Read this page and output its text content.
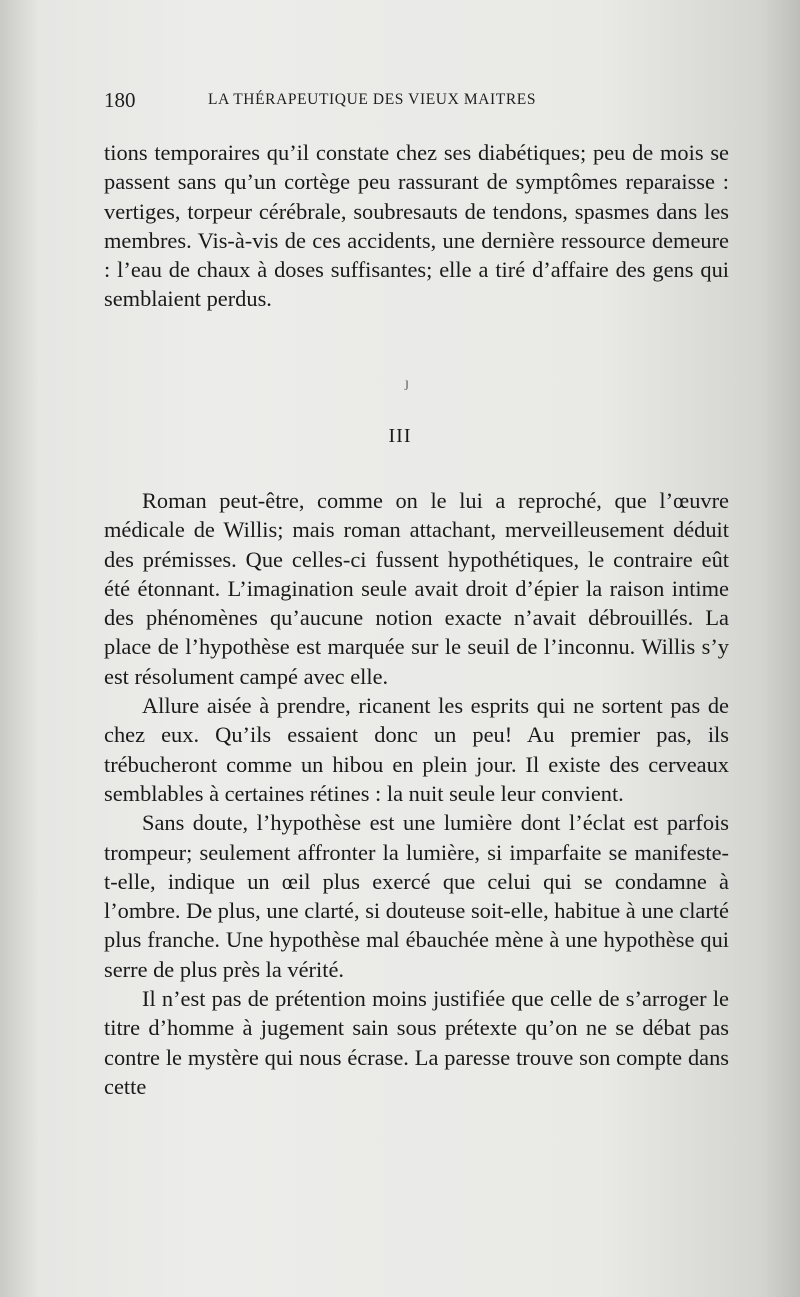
180	LA THÉRAPEUTIQUE DES VIEUX MAITRES

tions temporaires qu’il constate chez ses diabétiques; peu de mois se passent sans qu’un cortège peu rassurant de symptômes reparaisse : vertiges, torpeur cérébrale, soubresauts de tendons, spasmes dans les membres. Vis-à-vis de ces accidents, une dernière ressource demeure : l’eau de chaux à doses suffisantes; elle a tiré d’affaire des gens qui semblaient perdus.

ȷ
III

Roman peut-être, comme on le lui a reproché, que l’œuvre médicale de Willis; mais roman attachant, merveilleusement déduit des prémisses. Que celles-ci fussent hypothétiques, le contraire eût été étonnant. L’imagination seule avait droit d’épier la raison intime des phénomènes qu’aucune notion exacte n’avait débrouillés. La place de l’hypothèse est marquée sur le seuil de l’inconnu. Willis s’y est résolument campé avec elle.

Allure aisée à prendre, ricanent les esprits qui ne sortent pas de chez eux. Qu’ils essaient donc un peu! Au premier pas, ils trébucheront comme un hibou en plein jour. Il existe des cerveaux semblables à certaines rétines : la nuit seule leur convient.

Sans doute, l’hypothèse est une lumière dont l’éclat est parfois trompeur; seulement affronter la lumière, si imparfaite se manifeste-t-elle, indique un œil plus exercé que celui qui se condamne à l’ombre. De plus, une clarté, si douteuse soit-elle, habitue à une clarté plus franche. Une hypothèse mal ébauchée mène à une hypothèse qui serre de plus près la vérité.

Il n’est pas de prétention moins justifiée que celle de s’arroger le titre d’homme à jugement sain sous prétexte qu’on ne se débat pas contre le mystère qui nous écrase. La paresse trouve son compte dans cette
